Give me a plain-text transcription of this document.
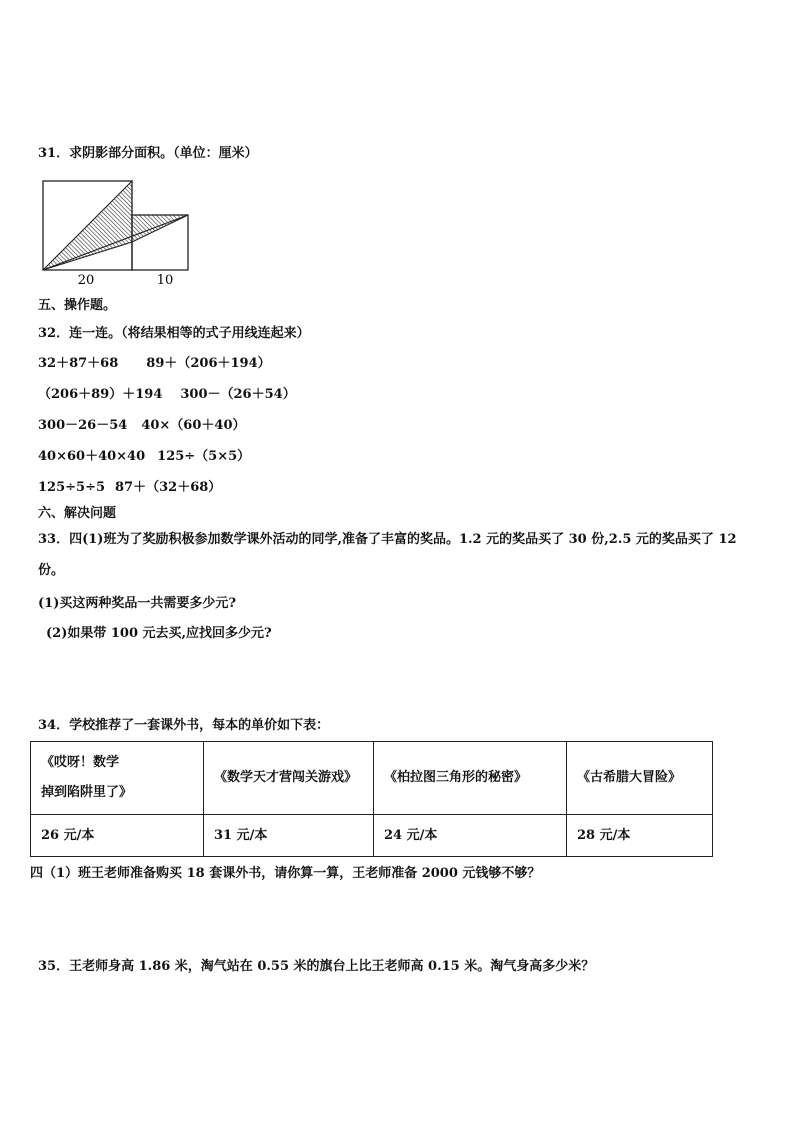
31．求阴影部分面积。（单位：厘米）
20	10
五、操作题。
32．连一连。（将结果相等的式子用线连起来）
32＋87＋68 89＋（206＋194）
（206＋89）＋194 300－（26＋54）
300－26－54 40×（60＋40）
40×60＋40×40 125÷（5×5）
125÷5÷5 87＋（32＋68）
六、解决问题
33．四(1)班为了奖励积极参加数学课外活动的同学,准备了丰富的奖品。1.2 元的奖品买了 30 份,2.5 元的奖品买了 12
份。
(1)买这两种奖品一共需要多少元?
(2)如果带 100 元去买,应找回多少元?
34．学校推荐了一套课外书，每本的单价如下表：
《哎呀！数学
掉到陷阱里了》	《数学天才营闯关游戏》	《柏拉图三角形的秘密》	《古希腊大冒险》

26 元/本	31 元/本	24 元/本	28 元/本
四（1）班王老师准备购买 18 套课外书，请你算一算，王老师准备 2000 元钱够不够？
35．王老师身高 1.86 米，淘气站在 0.55 米的旗台上比王老师高 0.15 米。淘气身高多少米？
